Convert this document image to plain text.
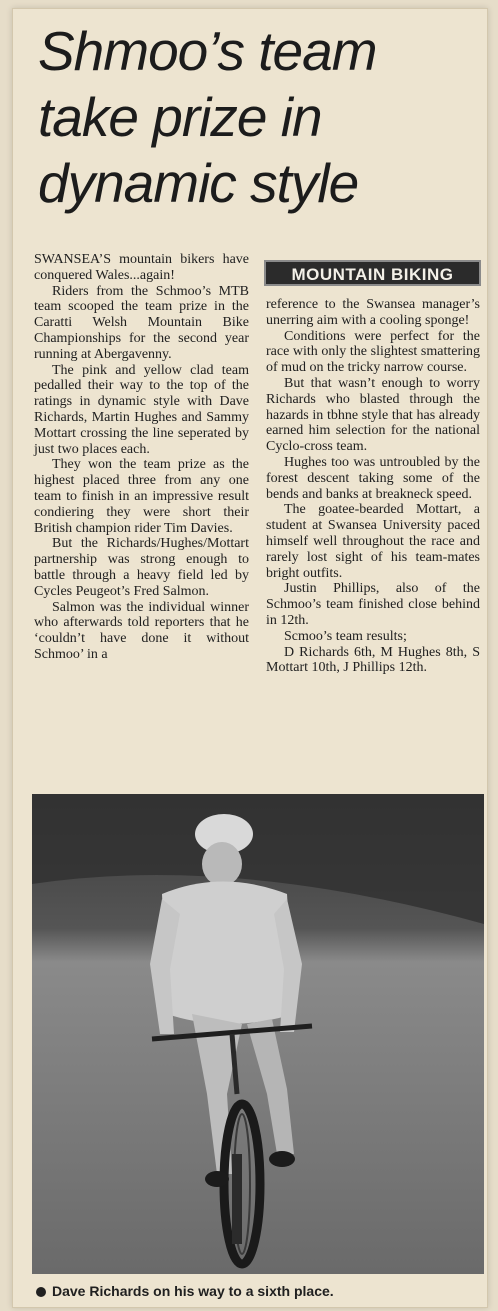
Shmoo’s team
take prize in
dynamic style

SWANSEA’S mountain bikers have conquered Wales...again!

Riders from the Schmoo’s MTB team scooped the team prize in the Caratti Welsh Mountain Bike Championships for the second year running at Abergavenny.

The pink and yellow clad team pedalled their way to the top of the ratings in dynamic style with Dave Richards, Martin Hughes and Sammy Mottart crossing the line seperated by just two places each.

They won the team prize as the highest placed three from any one team to finish in an impressive result condiering they were short their British champion rider Tim Davies.

But the Richards/Hughes/Mottart partnership was strong enough to battle through a heavy field led by Cycles Peugeot’s Fred Salmon.

Salmon was the individual winner who afterwards told reporters that he ‘couldn’t have done it without Schmoo’ in a

MOUNTAIN BIKING

reference to the Swansea manager’s unerring aim with a cooling sponge!

Conditions were perfect for the race with only the slightest smattering of mud on the tricky narrow course.

But that wasn’t enough to worry Richards who blasted through the hazards in tbhne style that has already earned him selection for the national Cyclo-cross team.

Hughes too was untroubled by the forest descent taking some of the bends and banks at breakneck speed.

The goatee-bearded Mottart, a student at Swansea University paced himself well throughout the race and rarely lost sight of his team-mates bright outfits.

Justin Phillips, also of the Schmoo’s team finished close behind in 12th.

Scmoo’s team results;

D Richards 6th, M Hughes 8th, S Mottart 10th, J Phillips 12th.

Dave Richards on his way to a sixth place.
